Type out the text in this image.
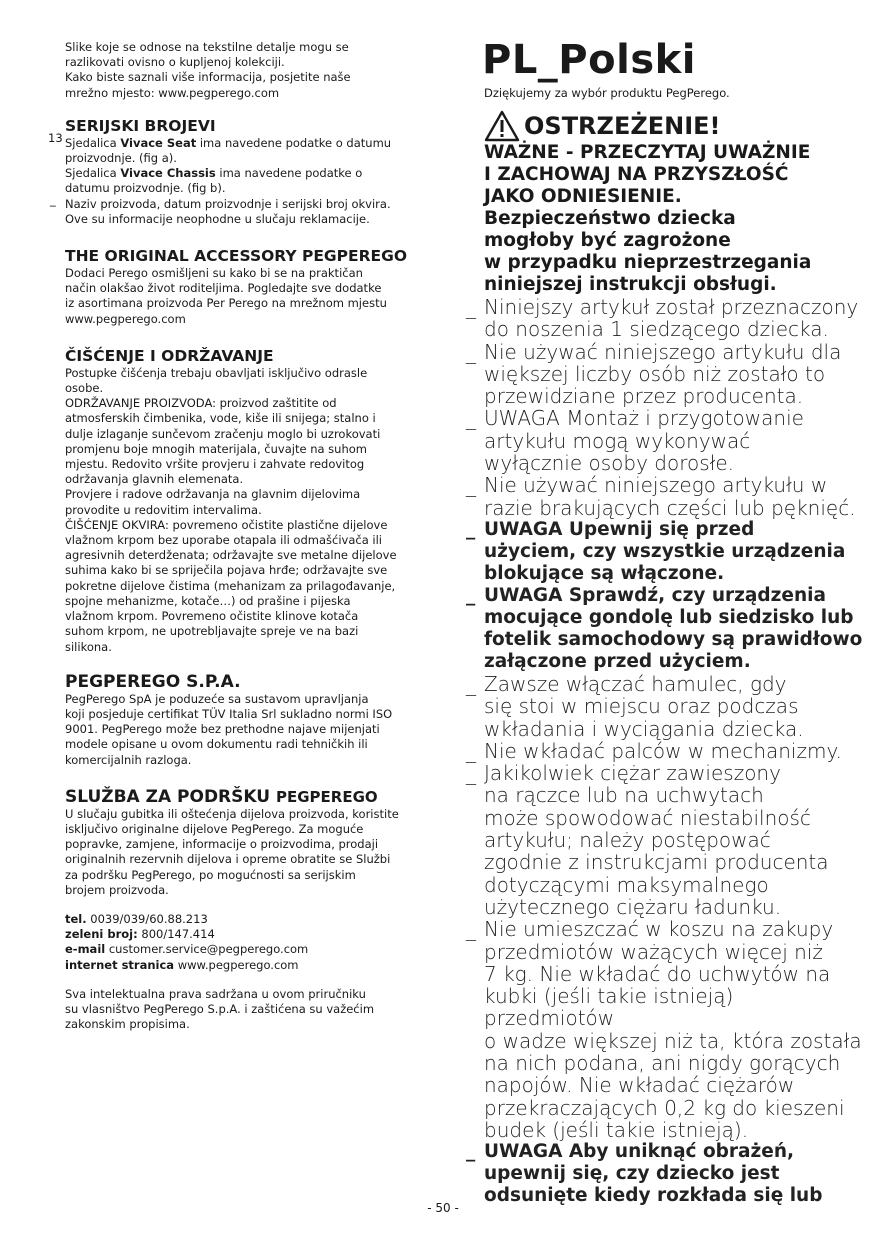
Slike koje se odnose na tekstilne detalje mogu se

razlikovati ovisno o kupljenoj kolekciji.

Kako biste saznali više informacija, posjetite naše

mrežno mjesto: www.pegperego.com

SERIJSKI BROJEVI

Sjedalica Vivace Seat ima navedene podatke o datumu

proizvodnje. (fig a).

Sjedalica Vivace Chassis ima navedene podatke o

datumu proizvodnje. (fig b).

Naziv proizvoda, datum proizvodnje i serijski broj okvira.

Ove su informacije neophodne u slučaju reklamacije.

THE ORIGINAL ACCESSORY PEGPEREGO

Dodaci Perego osmišljeni su kako bi se na praktičan

način olakšao život roditeljima. Pogledajte sve dodatke

iz asortimana proizvoda Per Perego na mrežnom mjestu

www.pegperego.com

ČIŠĆENJE I ODRŽAVANJE

Postupke čišćenja trebaju obavljati isključivo odrasle

osobe.

ODRŽAVANJE PROIZVODA: proizvod zaštitite od

atmosferskih čimbenika, vode, kiše ili snijega; stalno i

dulje izlaganje sunčevom zračenju moglo bi uzrokovati

promjenu boje mnogih materijala, čuvajte na suhom

mjestu. Redovito vršite provjeru i zahvate redovitog

održavanja glavnih elemenata.

Provjere i radove održavanja na glavnim dijelovima

provodite u redovitim intervalima.

ČIŠĆENJE OKVIRA: povremeno očistite plastične dijelove

vlažnom krpom bez uporabe otapala ili odmašćivača ili

agresivnih deterdženata; održavajte sve metalne dijelove

suhima kako bi se spriječila pojava hrđe; održavajte sve

pokretne dijelove čistima (mehanizam za prilagođavanje,

spojne mehanizme, kotače…) od prašine i pijeska

vlažnom krpom. Povremeno očistite klinove kotača

suhom krpom, ne upotrebljavajte spreje ve na bazi

silikona.

PEGPEREGO S.P.A.

PegPerego SpA je poduzeće sa sustavom upravljanja

koji posjeduje certifikat TÜV Italia Srl sukladno normi ISO

9001. PegPerego može bez prethodne najave mijenjati

modele opisane u ovom dokumentu radi tehničkih ili

komercijalnih razloga.

SLUŽBA ZA PODRŠKU PEGPEREGO

U slučaju gubitka ili oštećenja dijelova proizvoda, koristite

isključivo originalne dijelove PegPerego. Za moguće

popravke, zamjene, informacije o proizvodima, prodaji

originalnih rezervnih dijelova i opreme obratite se Službi

za podršku PegPerego, po mogućnosti sa serijskim

brojem proizvoda.

tel. 0039/039/60.88.213

zeleni broj: 800/147.414

e-mail customer.service@pegperego.com

internet stranica www.pegperego.com

Sva intelektualna prava sadržana u ovom priručniku

su vlasništvo PegPerego S.p.A. i zaštićena su važećim

zakonskim propisima.

13
_

PL_Polski

Dziękujemy za wybór produktu PegPerego.

OSTRZEŻENIE!

WAŻNE - PRZECZYTAJ UWAŻNIE

I ZACHOWAJ NA PRZYSZŁOŚĆ

JAKO ODNIESIENIE.

Bezpieczeństwo dziecka

mogłoby być zagrożone

w przypadku nieprzestrzegania

niniejszej instrukcji obsługi.

_ Niniejszy artykuł został przeznaczony
do noszenia 1 siedzącego dziecka.
_ Nie używać niniejszego artykułu dla
większej liczby osób niż zostało to
przewidziane przez producenta.
_ UWAGA Montaż i przygotowanie
artykułu mogą wykonywać
wyłącznie osoby dorosłe.
_ Nie używać niniejszego artykułu w
razie brakujących części lub pęknięć.
_ UWAGA Upewnij się przed
użyciem, czy wszystkie urządzenia
blokujące są włączone.
_ UWAGA Sprawdź, czy urządzenia
mocujące gondolę lub siedzisko lub
fotelik samochodowy są prawidłowo
załączone przed użyciem.
_ Zawsze włączać hamulec, gdy
się stoi w miejscu oraz podczas
wkładania i wyciągania dziecka.
_ Nie wkładać palców w mechanizmy.
_ Jakikolwiek ciężar zawieszony
na rączce lub na uchwytach
może spowodować niestabilność
artykułu; należy postępować
zgodnie z instrukcjami producenta
dotyczącymi maksymalnego
użytecznego ciężaru ładunku.
_ Nie umieszczać w koszu na zakupy
przedmiotów ważących więcej niż
7 kg. Nie wkładać do uchwytów na
kubki (jeśli takie istnieją) przedmiotów
o wadze większej niż ta, która została
na nich podana, ani nigdy gorących
napojów. Nie wkładać ciężarów
przekraczających 0,2 kg do kieszeni
budek (jeśli takie istnieją).
_ UWAGA Aby uniknąć obrażeń,
upewnij się, czy dziecko jest
odsunięte kiedy rozkłada się lub
- 50 -
